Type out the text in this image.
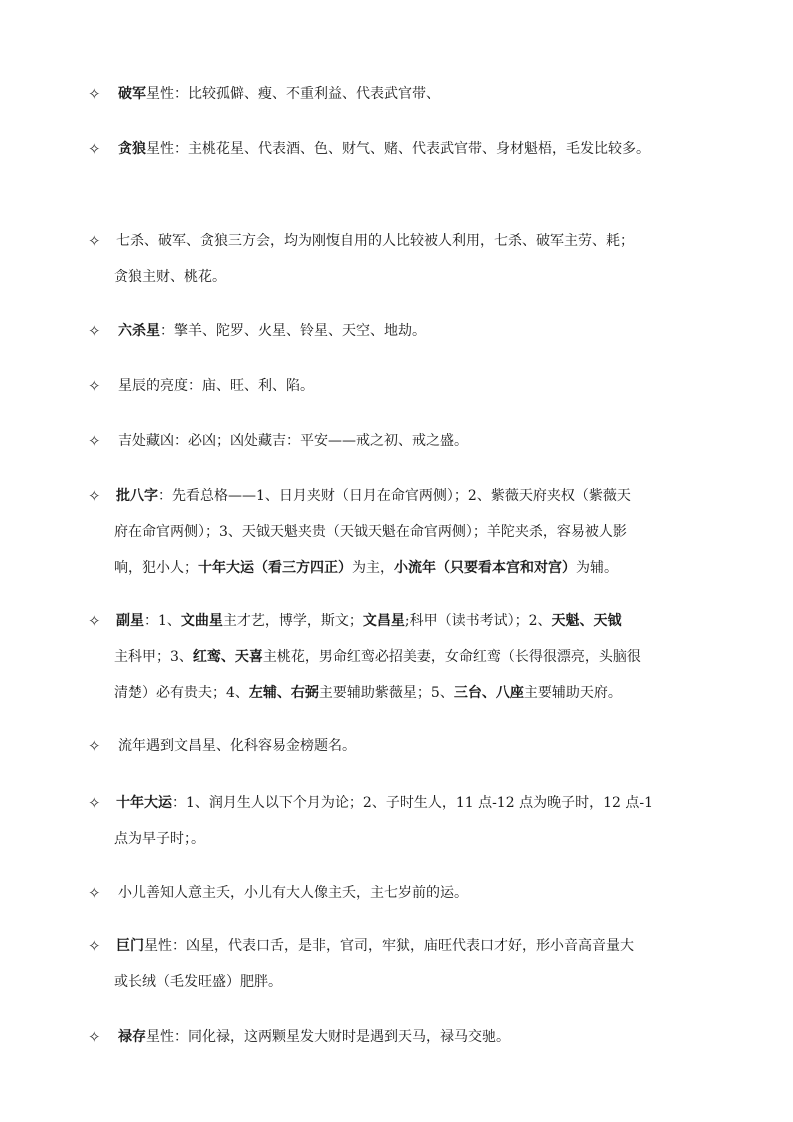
✧	破军星性：比较孤僻、瘦、不重利益、代表武官带、
✧	贪狼星性：主桃花星、代表酒、色、财气、赌、代表武官带、身材魁梧，毛发比较多。
✧ 七杀、破军、贪狼三方会，均为刚愎自用的人比较被人利用，七杀、破军主劳、耗；
贪狼主财、桃花。
✧	六杀星：擎羊、陀罗、火星、铃星、天空、地劫。
✧	星辰的亮度：庙、旺、利、陷。
✧	吉处藏凶：必凶；凶处藏吉：平安——戒之初、戒之盛。
✧ 批八字：先看总格——1、日月夹财（日月在命官两侧）；2、紫薇天府夹权（紫薇天
府在命官两侧）；3、天钺天魁夹贵（天钺天魁在命官两侧）；羊陀夹杀，容易被人影
响，犯小人；十年大运（看三方四正）为主，小流年（只要看本宫和对宫）为辅。
✧ 副星：1、文曲星主才艺，博学，斯文；文昌星;科甲（读书考试）；2、天魁、天钺
主科甲；3、红鸾、天喜主桃花，男命红鸾必招美妻，女命红鸾（长得很漂亮，头脑很
清楚）必有贵夫；4、左辅、右弼主要辅助紫薇星；5、三台、八座主要辅助天府。
✧	流年遇到文昌星、化科容易金榜题名。
✧ 十年大运：1、润月生人以下个月为论；2、子时生人，11 点-12 点为晚子时，12 点-1
点为早子时；。
✧	小儿善知人意主夭，小儿有大人像主夭，主七岁前的运。
✧ 巨门星性：凶星，代表口舌，是非，官司，牢狱，庙旺代表口才好，形小音高音量大
或长绒（毛发旺盛）肥胖。
✧	禄存星性：同化禄，这两颗星发大财时是遇到天马，禄马交驰。
